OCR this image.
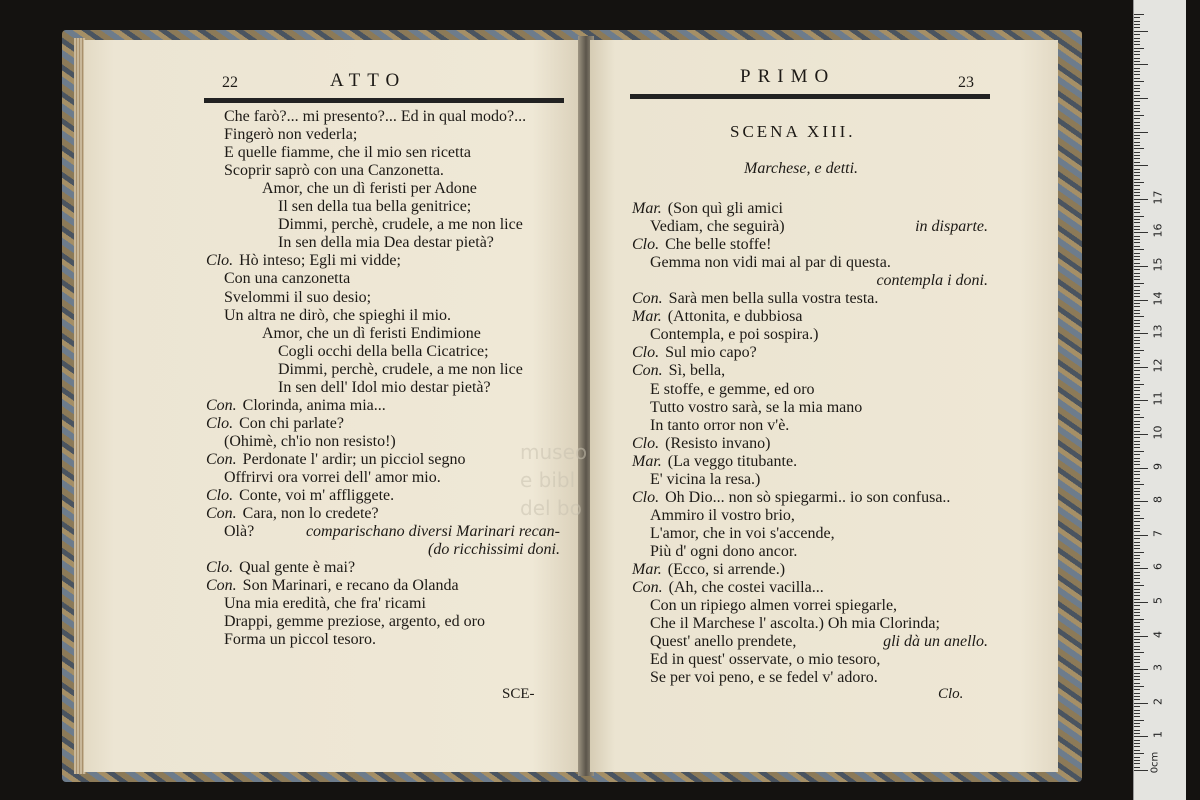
22	ATTO
Che farò?... mi presento?... Ed in qual modo?...
Fingerò non vederla;
E quelle fiamme, che il mio sen ricetta
Scoprir saprò con una Canzonetta.
Amor, che un dì feristi per Adone
Il sen della tua bella genitrice;
Dimmi, perchè, crudele, a me non lice
In sen della mia Dea destar pietà?
Clo. Hò inteso; Egli mi vidde;
Con una canzonetta
Svelommi il suo desio;
Un altra ne dirò, che spieghi il mio.
Amor, che un dì feristi Endimione
Cogli occhi della bella Cicatrice;
Dimmi, perchè, crudele, a me non lice
In sen dell' Idol mio destar pietà?
Con. Clorinda, anima mia...
Clo. Con chi parlate?
(Ohimè, ch'io non resisto!)
Con. Perdonate l' ardir; un picciol segno
Offrirvi ora vorrei dell' amor mio.
Clo. Conte, voi m' affliggete.
Con. Cara, non lo credete?
Olà?	comparischano diversi Marinari recan-
(do ricchissimi doni.
Clo. Qual gente è mai?
Con. Son Marinari, e recano da Olanda
Una mia eredità, che fra' ricami
Drappi, gemme preziose, argento, ed oro
Forma un piccol tesoro.
SCE-
PRIMO	23
SCENA XIII.
Marchese, e detti.
Mar. (Son quì gli amici
Vediam, che seguirà)	in disparte.
Clo. Che belle stoffe!
Gemma non vidi mai al par di questa.
contempla i doni.
Con. Sarà men bella sulla vostra testa.
Mar. (Attonita, e dubbiosa
Contempla, e poi sospira.)
Clo. Sul mio capo?
Con. Sì, bella,
E stoffe, e gemme, ed oro
Tutto vostro sarà, se la mia mano
In tanto orror non v'è.
Clo. (Resisto invano)
Mar. (La veggo titubante.
E' vicina la resa.)
Clo. Oh Dio... non sò spiegarmi.. io son confusa..
Ammiro il vostro brio,
L'amor, che in voi s'accende,
Più d' ogni dono ancor.
Mar. (Ecco, si arrende.)
Con. (Ah, che costei vacilla...
Con un ripiego almen vorrei spiegarle,
Che il Marchese l' ascolta.) Oh mia Clorinda;
Quest' anello prendete,	gli dà un anello.
Ed in quest' osservate, o mio tesoro,
Se per voi peno, e se fedel v' adoro.
Clo.
museo
e bibl
del bo
0cm
17
16
15
14
13
12
11
10
9
8
7
6
5
4
3
2
1
